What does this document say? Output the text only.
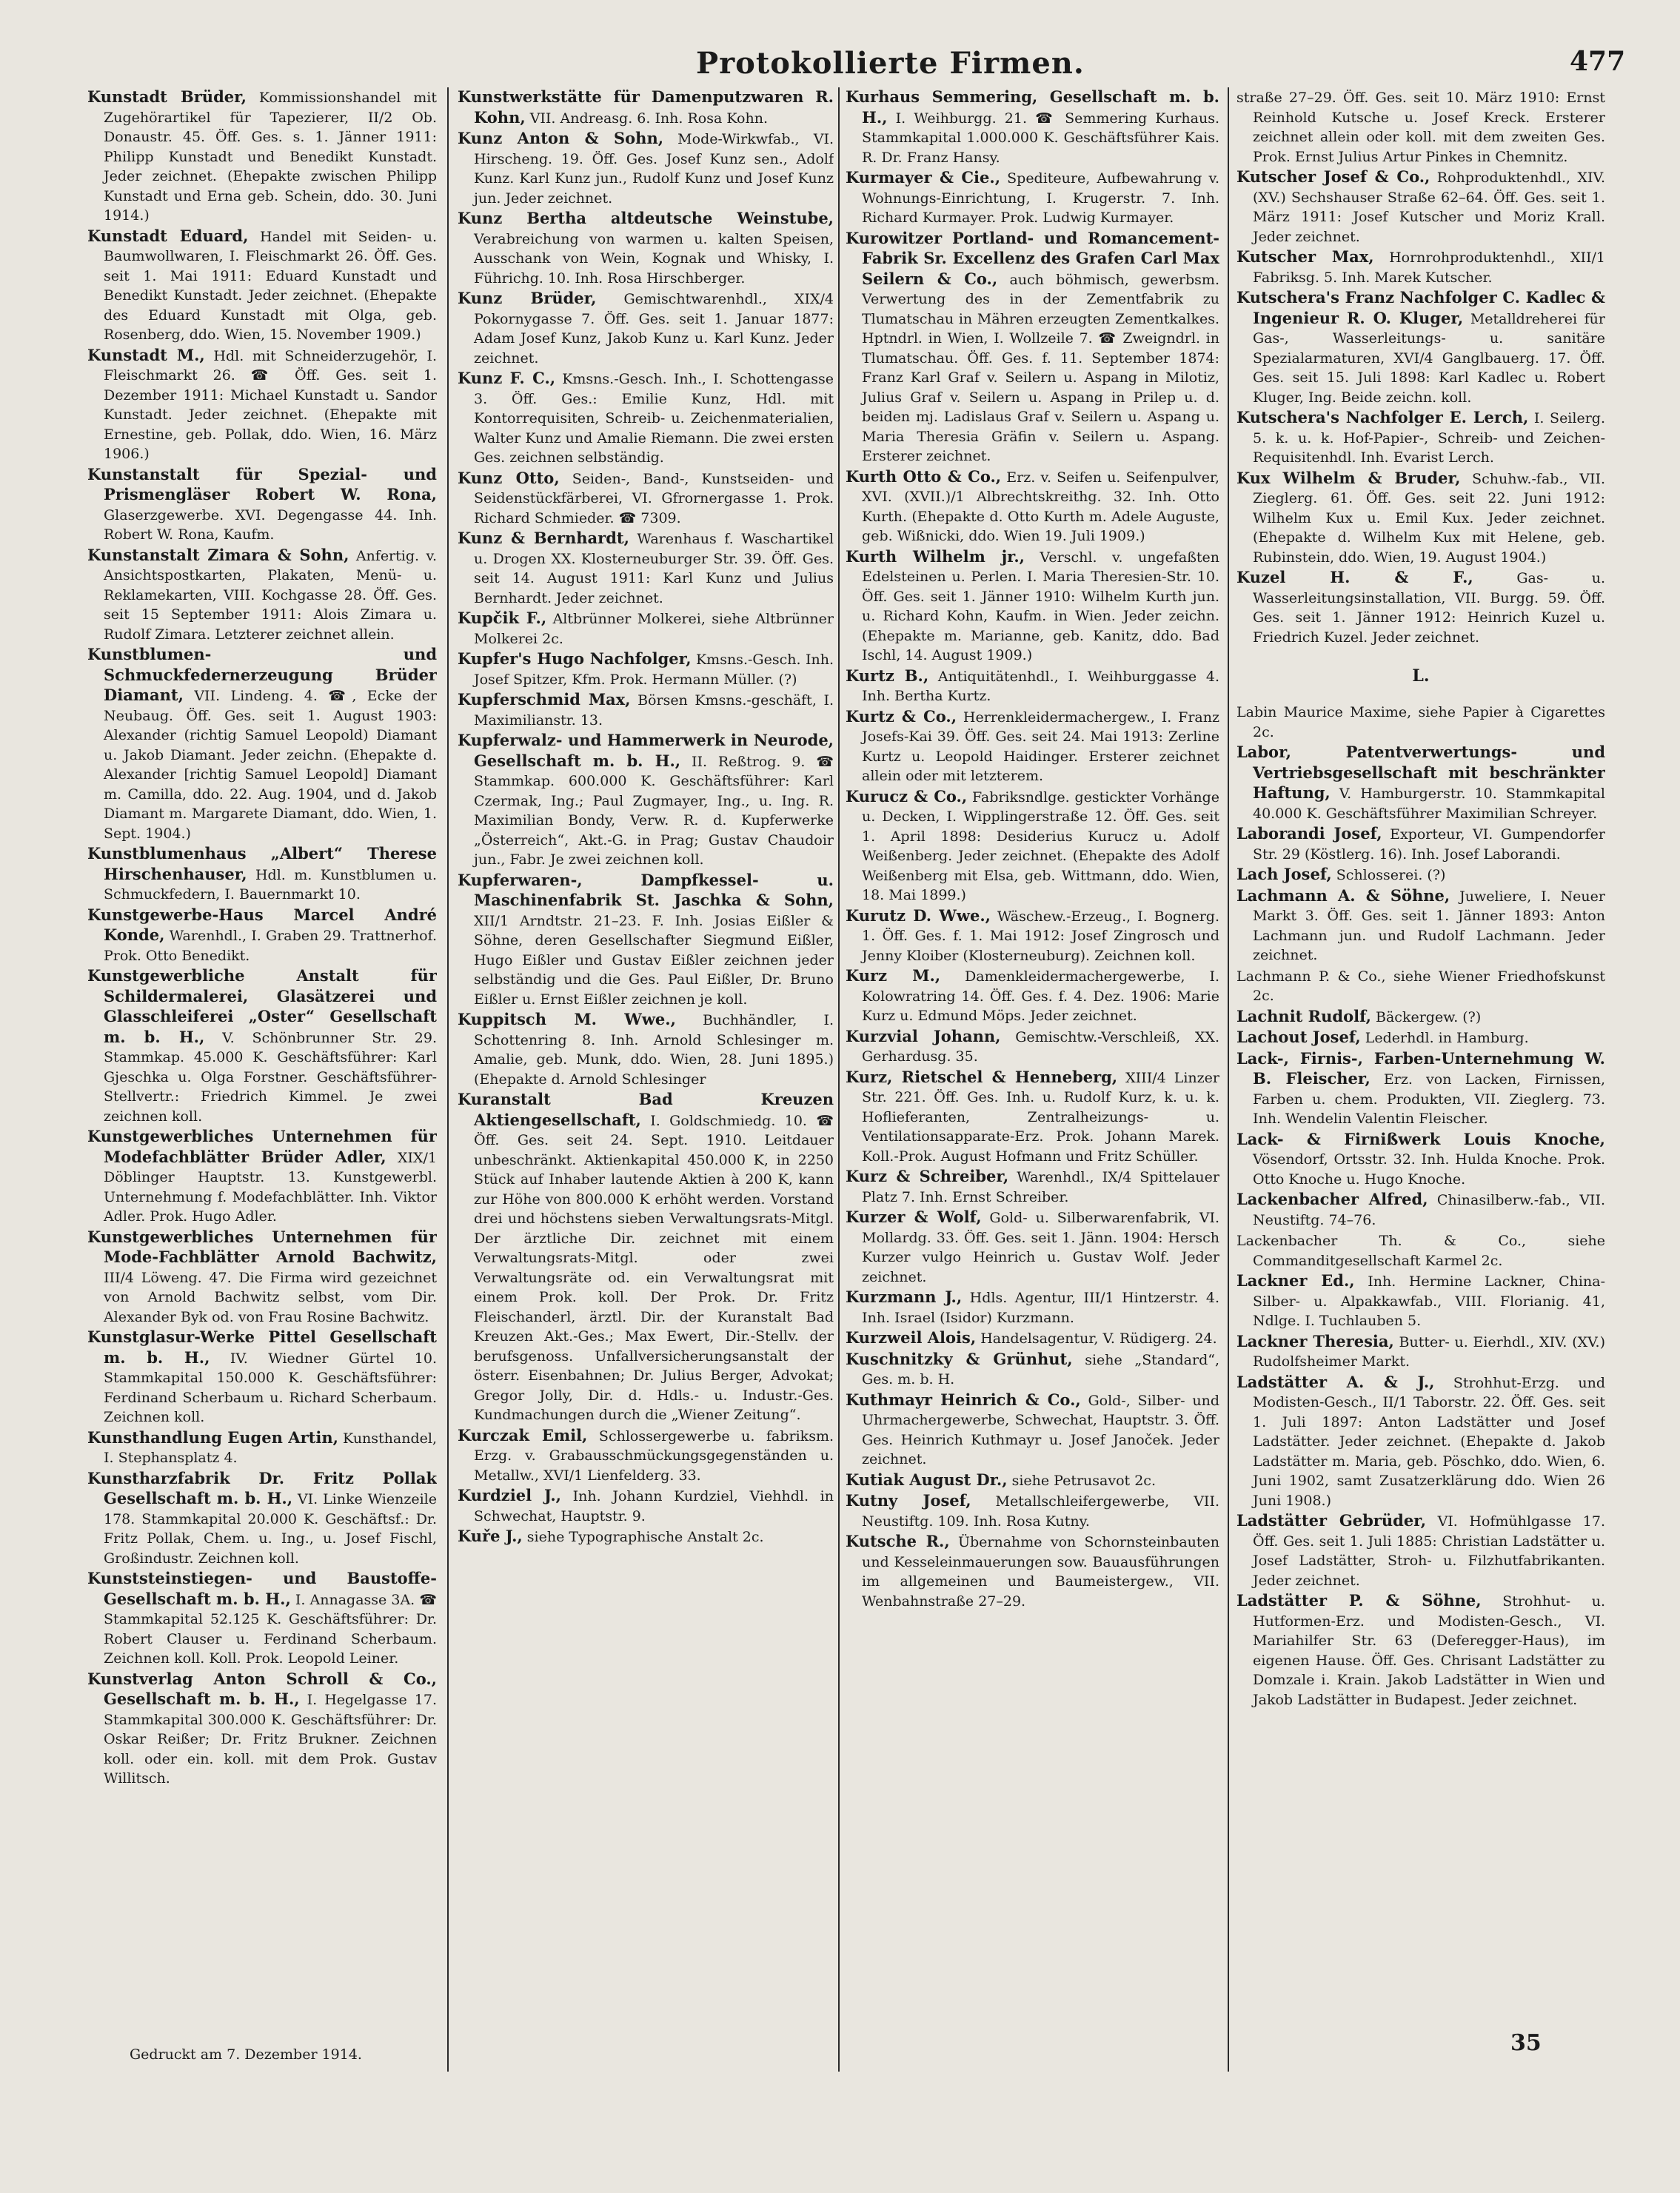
Protokollierte Firmen.	477
Kunstadt Brüder, Kommissionshandel mit Zugehörartikel für Tapezierer, II/2 Ob. Donaustr. 45. Öff. Ges. s. 1. Jänner 1911: Philipp Kunstadt und Benedikt Kunstadt. Jeder zeichnet. (Ehepakte zwischen Philipp Kunstadt und Erna geb. Schein, ddo. 30. Juni 1914.)
Kunstadt Eduard, Handel mit Seiden- u. Baumwollwaren, I. Fleischmarkt 26. Öff. Ges. seit 1. Mai 1911: Eduard Kunstadt und Benedikt Kunstadt. Jeder zeichnet. (Ehepakte des Eduard Kunstadt mit Olga, geb. Rosenberg, ddo. Wien, 15. November 1909.)
Kunstadt M., Hdl. mit Schneiderzugehör, I. Fleischmarkt 26. ☎ Öff. Ges. seit 1. Dezember 1911: Michael Kunstadt u. Sandor Kunstadt. Jeder zeichnet. (Ehepakte mit Ernestine, geb. Pollak, ddo. Wien, 16. März 1906.)
Kunstanstalt für Spezial- und Prismengläser Robert W. Rona, Glaserzgewerbe. XVI. Degengasse 44. Inh. Robert W. Rona, Kaufm.
Kunstanstalt Zimara & Sohn, Anfertig. v. Ansichtspostkarten, Plakaten, Menü- u. Reklamekarten, VIII. Kochgasse 28. Öff. Ges. seit 15 September 1911: Alois Zimara u. Rudolf Zimara. Letzterer zeichnet allein.
Kunstblumen- und Schmuckfedernerzeugung Brüder Diamant, VII. Lindeng. 4. ☎, Ecke der Neubaug. Öff. Ges. seit 1. August 1903: Alexander (richtig Samuel Leopold) Diamant u. Jakob Diamant. Jeder zeichn. (Ehepakte d. Alexander [richtig Samuel Leopold] Diamant m. Camilla, ddo. 22. Aug. 1904, und d. Jakob Diamant m. Margarete Diamant, ddo. Wien, 1. Sept. 1904.)
Kunstblumenhaus „Albert“ Therese Hirschenhauser, Hdl. m. Kunstblumen u. Schmuckfedern, I. Bauernmarkt 10.
Kunstgewerbe-Haus Marcel André Konde, Warenhdl., I. Graben 29. Trattnerhof. Prok. Otto Benedikt.
Kunstgewerbliche Anstalt für Schildermalerei, Glasätzerei und Glasschleiferei „Oster“ Gesellschaft m. b. H., V. Schönbrunner Str. 29. Stammkap. 45.000 K. Geschäftsführer: Karl Gjeschka u. Olga Forstner. Geschäftsführer-Stellvertr.: Friedrich Kimmel. Je zwei zeichnen koll.
Kunstgewerbliches Unternehmen für Modefachblätter Brüder Adler, XIX/1 Döblinger Hauptstr. 13. Kunstgewerbl. Unternehmung f. Modefachblätter. Inh. Viktor Adler. Prok. Hugo Adler.
Kunstgewerbliches Unternehmen für Mode-Fachblätter Arnold Bachwitz, III/4 Löweng. 47. Die Firma wird gezeichnet von Arnold Bachwitz selbst, vom Dir. Alexander Byk od. von Frau Rosine Bachwitz.
Kunstglasur-Werke Pittel Gesellschaft m. b. H., IV. Wiedner Gürtel 10. Stammkapital 150.000 K. Geschäftsführer: Ferdinand Scherbaum u. Richard Scherbaum. Zeichnen koll.
Kunsthandlung Eugen Artin, Kunsthandel, I. Stephansplatz 4.
Kunstharzfabrik Dr. Fritz Pollak Gesellschaft m. b. H., VI. Linke Wienzeile 178. Stammkapital 20.000 K. Geschäftsf.: Dr. Fritz Pollak, Chem. u. Ing., u. Josef Fischl, Großindustr. Zeichnen koll.
Kunststeinstiegen- und Baustoffe-Gesellschaft m. b. H., I. Annagasse 3A. ☎ Stammkapital 52.125 K. Geschäftsführer: Dr. Robert Clauser u. Ferdinand Scherbaum. Zeichnen koll. Koll. Prok. Leopold Leiner.
Kunstverlag Anton Schroll & Co., Gesellschaft m. b. H., I. Hegelgasse 17. Stammkapital 300.000 K. Geschäftsführer: Dr. Oskar Reißer; Dr. Fritz Brukner. Zeichnen koll. oder ein. koll. mit dem Prok. Gustav Willitsch.
Kunstwerkstätte für Damenputzwaren R. Kohn, VII. Andreasg. 6. Inh. Rosa Kohn.
Kunz Anton & Sohn, Mode-Wirkwfab., VI. Hirscheng. 19. Öff. Ges. Josef Kunz sen., Adolf Kunz. Karl Kunz jun., Rudolf Kunz und Josef Kunz jun. Jeder zeichnet.
Kunz Bertha altdeutsche Weinstube, Verabreichung von warmen u. kalten Speisen, Ausschank von Wein, Kognak und Whisky, I. Führichg. 10. Inh. Rosa Hirschberger.
Kunz Brüder, Gemischtwarenhdl., XIX/4 Pokornygasse 7. Öff. Ges. seit 1. Januar 1877: Adam Josef Kunz, Jakob Kunz u. Karl Kunz. Jeder zeichnet.
Kunz F. C., Kmsns.-Gesch. Inh., I. Schottengasse 3. Öff. Ges.: Emilie Kunz, Hdl. mit Kontorrequisiten, Schreib- u. Zeichenmaterialien, Walter Kunz und Amalie Riemann. Die zwei ersten Ges. zeichnen selbständig.
Kunz Otto, Seiden-, Band-, Kunstseiden- und Seidenstückfärberei, VI. Gfrornergasse 1. Prok. Richard Schmieder. ☎ 7309.
Kunz & Bernhardt, Warenhaus f. Waschartikel u. Drogen XX. Klosterneuburger Str. 39. Öff. Ges. seit 14. August 1911: Karl Kunz und Julius Bernhardt. Jeder zeichnet.
Kupčik F., Altbrünner Molkerei, siehe Altbrünner Molkerei 2c.
Kupfer's Hugo Nachfolger, Kmsns.-Gesch. Inh. Josef Spitzer, Kfm. Prok. Hermann Müller. (?)
Kupferschmid Max, Börsen Kmsns.-geschäft, I. Maximilianstr. 13.
Kupferwalz- und Hammerwerk in Neurode, Gesellschaft m. b. H., II. Reßtrog. 9. ☎ Stammkap. 600.000 K. Geschäftsführer: Karl Czermak, Ing.; Paul Zugmayer, Ing., u. Ing. R. Maximilian Bondy, Verw. R. d. Kupferwerke „Österreich“, Akt.-G. in Prag; Gustav Chaudoir jun., Fabr. Je zwei zeichnen koll.
Kupferwaren-, Dampfkessel- u. Maschinenfabrik St. Jaschka & Sohn, XII/1 Arndtstr. 21–23. F. Inh. Josias Eißler & Söhne, deren Gesellschafter Siegmund Eißler, Hugo Eißler und Gustav Eißler zeichnen jeder selbständig und die Ges. Paul Eißler, Dr. Bruno Eißler u. Ernst Eißler zeichnen je koll.
Kuppitsch M. Wwe., Buchhändler, I. Schottenring 8. Inh. Arnold Schlesinger m. Amalie, geb. Munk, ddo. Wien, 28. Juni 1895.) (Ehepakte d. Arnold Schlesinger
Kuranstalt Bad Kreuzen Aktiengesellschaft, I. Goldschmiedg. 10. ☎ Öff. Ges. seit 24. Sept. 1910. Leitdauer unbeschränkt. Aktienkapital 450.000 K, in 2250 Stück auf Inhaber lautende Aktien à 200 K, kann zur Höhe von 800.000 K erhöht werden. Vorstand drei und höchstens sieben Verwaltungsrats-Mitgl. Der ärztliche Dir. zeichnet mit einem Verwaltungsrats-Mitgl. oder zwei Verwaltungsräte od. ein Verwaltungsrat mit einem Prok. koll. Der Prok. Dr. Fritz Fleischanderl, ärztl. Dir. der Kuranstalt Bad Kreuzen Akt.-Ges.; Max Ewert, Dir.-Stellv. der berufsgenoss. Unfallversicherungsanstalt der österr. Eisenbahnen; Dr. Julius Berger, Advokat; Gregor Jolly, Dir. d. Hdls.- u. Industr.-Ges. Kundmachungen durch die „Wiener Zeitung“.
Kurczak Emil, Schlossergewerbe u. fabriksm. Erzg. v. Grabausschmückungsgegenständen u. Metallw., XVI/1 Lienfelderg. 33.
Kurdziel J., Inh. Johann Kurdziel, Viehhdl. in Schwechat, Hauptstr. 9.
Kuře J., siehe Typographische Anstalt 2c.
Kurhaus Semmering, Gesellschaft m. b. H., I. Weihburgg. 21. ☎ Semmering Kurhaus. Stammkapital 1.000.000 K. Geschäftsführer Kais. R. Dr. Franz Hansy.
Kurmayer & Cie., Spediteure, Aufbewahrung v. Wohnungs-Einrichtung, I. Krugerstr. 7. Inh. Richard Kurmayer. Prok. Ludwig Kurmayer.
Kurowitzer Portland- und Romancement-Fabrik Sr. Excellenz des Grafen Carl Max Seilern & Co., auch böhmisch, gewerbsm. Verwertung des in der Zementfabrik zu Tlumatschau in Mähren erzeugten Zementkalkes. Hptndrl. in Wien, I. Wollzeile 7. ☎ Zweigndrl. in Tlumatschau. Öff. Ges. f. 11. September 1874: Franz Karl Graf v. Seilern u. Aspang in Milotiz, Julius Graf v. Seilern u. Aspang in Prilep u. d. beiden mj. Ladislaus Graf v. Seilern u. Aspang u. Maria Theresia Gräfin v. Seilern u. Aspang. Ersterer zeichnet.
Kurth Otto & Co., Erz. v. Seifen u. Seifenpulver, XVI. (XVII.)/1 Albrechtskreithg. 32. Inh. Otto Kurth. (Ehepakte d. Otto Kurth m. Adele Auguste, geb. Wißnicki, ddo. Wien 19. Juli 1909.)
Kurth Wilhelm jr., Verschl. v. ungefaßten Edelsteinen u. Perlen. I. Maria Theresien-Str. 10. Öff. Ges. seit 1. Jänner 1910: Wilhelm Kurth jun. u. Richard Kohn, Kaufm. in Wien. Jeder zeichn. (Ehepakte m. Marianne, geb. Kanitz, ddo. Bad Ischl, 14. August 1909.)
Kurtz B., Antiquitätenhdl., I. Weihburggasse 4. Inh. Bertha Kurtz.
Kurtz & Co., Herrenkleidermachergew., I. Franz Josefs-Kai 39. Öff. Ges. seit 24. Mai 1913: Zerline Kurtz u. Leopold Haidinger. Ersterer zeichnet allein oder mit letzterem.
Kurucz & Co., Fabriksndlge. gestickter Vorhänge u. Decken, I. Wipplingerstraße 12. Öff. Ges. seit 1. April 1898: Desiderius Kurucz u. Adolf Weißenberg. Jeder zeichnet. (Ehepakte des Adolf Weißenberg mit Elsa, geb. Wittmann, ddo. Wien, 18. Mai 1899.)
Kurutz D. Wwe., Wäschew.-Erzeug., I. Bognerg. 1. Öff. Ges. f. 1. Mai 1912: Josef Zingrosch und Jenny Kloiber (Klosterneuburg). Zeichnen koll.
Kurz M., Damenkleidermachergewerbe, I. Kolowratring 14. Öff. Ges. f. 4. Dez. 1906: Marie Kurz u. Edmund Möps. Jeder zeichnet.
Kurzvial Johann, Gemischtw.-Verschleiß, XX. Gerhardusg. 35.
Kurz, Rietschel & Henneberg, XIII/4 Linzer Str. 221. Öff. Ges. Inh. u. Rudolf Kurz, k. u. k. Hoflieferanten, Zentralheizungs- u. Ventilationsapparate-Erz. Prok. Johann Marek. Koll.-Prok. August Hofmann und Fritz Schüller.
Kurz & Schreiber, Warenhdl., IX/4 Spittelauer Platz 7. Inh. Ernst Schreiber.
Kurzer & Wolf, Gold- u. Silberwarenfabrik, VI. Mollardg. 33. Öff. Ges. seit 1. Jänn. 1904: Hersch Kurzer vulgo Heinrich u. Gustav Wolf. Jeder zeichnet.
Kurzmann J., Hdls. Agentur, III/1 Hintzerstr. 4. Inh. Israel (Isidor) Kurzmann.
Kurzweil Alois, Handelsagentur, V. Rüdigerg. 24.
Kuschnitzky & Grünhut, siehe „Standard“, Ges. m. b. H.
Kuthmayr Heinrich & Co., Gold-, Silber- und Uhrmachergewerbe, Schwechat, Hauptstr. 3. Öff. Ges. Heinrich Kuthmayr u. Josef Janoček. Jeder zeichnet.
Kutiak August Dr., siehe Petrusavot 2c.
Kutny Josef, Metallschleifergewerbe, VII. Neustiftg. 109. Inh. Rosa Kutny.
Kutsche R., Übernahme von Schornsteinbauten und Kesseleinmauerungen sow. Bauausführungen im allgemeinen und Baumeistergew., VII. Wenbahnstraße 27–29.
straße 27–29. Öff. Ges. seit 10. März 1910: Ernst Reinhold Kutsche u. Josef Kreck. Ersterer zeichnet allein oder koll. mit dem zweiten Ges. Prok. Ernst Julius Artur Pinkes in Chemnitz.
Kutscher Josef & Co., Rohproduktenhdl., XIV. (XV.) Sechshauser Straße 62–64. Öff. Ges. seit 1. März 1911: Josef Kutscher und Moriz Krall. Jeder zeichnet.
Kutscher Max, Hornrohproduktenhdl., XII/1 Fabriksg. 5. Inh. Marek Kutscher.
Kutschera's Franz Nachfolger C. Kadlec & Ingenieur R. O. Kluger, Metalldreherei für Gas-, Wasserleitungs- u. sanitäre Spezialarmaturen, XVI/4 Ganglbauerg. 17. Öff. Ges. seit 15. Juli 1898: Karl Kadlec u. Robert Kluger, Ing. Beide zeichn. koll.
Kutschera's Nachfolger E. Lerch, I. Seilerg. 5. k. u. k. Hof-Papier-, Schreib- und Zeichen-Requisitenhdl. Inh. Evarist Lerch.
Kux Wilhelm & Bruder, Schuhw.-fab., VII. Zieglerg. 61. Öff. Ges. seit 22. Juni 1912: Wilhelm Kux u. Emil Kux. Jeder zeichnet. (Ehepakte d. Wilhelm Kux mit Helene, geb. Rubinstein, ddo. Wien, 19. August 1904.)
Kuzel H. & F., Gas- u. Wasserleitungsinstallation, VII. Burgg. 59. Öff. Ges. seit 1. Jänner 1912: Heinrich Kuzel u. Friedrich Kuzel. Jeder zeichnet.
L.
Labin Maurice Maxime, siehe Papier à Cigarettes 2c.
Labor, Patentverwertungs- und Vertriebsgesellschaft mit beschränkter Haftung, V. Hamburgerstr. 10. Stammkapital 40.000 K. Geschäftsführer Maximilian Schreyer.
Laborandi Josef, Exporteur, VI. Gumpendorfer Str. 29 (Köstlerg. 16). Inh. Josef Laborandi.
Lach Josef, Schlosserei. (?)
Lachmann A. & Söhne, Juweliere, I. Neuer Markt 3. Öff. Ges. seit 1. Jänner 1893: Anton Lachmann jun. und Rudolf Lachmann. Jeder zeichnet.
Lachmann P. & Co., siehe Wiener Friedhofskunst 2c.
Lachnit Rudolf, Bäckergew. (?)
Lachout Josef, Lederhdl. in Hamburg.
Lack-, Firnis-, Farben-Unternehmung W. B. Fleischer, Erz. von Lacken, Firnissen, Farben u. chem. Produkten, VII. Zieglerg. 73. Inh. Wendelin Valentin Fleischer.
Lack- & Firnißwerk Louis Knoche, Vösendorf, Ortsstr. 32. Inh. Hulda Knoche. Prok. Otto Knoche u. Hugo Knoche.
Lackenbacher Alfred, Chinasilberw.-fab., VII. Neustiftg. 74–76.
Lackenbacher Th. & Co., siehe Commanditgesellschaft Karmel 2c.
Lackner Ed., Inh. Hermine Lackner, China-Silber- u. Alpakkawfab., VIII. Florianig. 41, Ndlge. I. Tuchlauben 5.
Lackner Theresia, Butter- u. Eierhdl., XIV. (XV.) Rudolfsheimer Markt.
Ladstätter A. & J., Strohhut-Erzg. und Modisten-Gesch., II/1 Taborstr. 22. Öff. Ges. seit 1. Juli 1897: Anton Ladstätter und Josef Ladstätter. Jeder zeichnet. (Ehepakte d. Jakob Ladstätter m. Maria, geb. Pöschko, ddo. Wien, 6. Juni 1902, samt Zusatzerklärung ddo. Wien 26 Juni 1908.)
Ladstätter Gebrüder, VI. Hofmühlgasse 17. Öff. Ges. seit 1. Juli 1885: Christian Ladstätter u. Josef Ladstätter, Stroh- u. Filzhutfabrikanten. Jeder zeichnet.
Ladstätter P. & Söhne, Strohhut- u. Hutformen-Erz. und Modisten-Gesch., VI. Mariahilfer Str. 63 (Deferegger-Haus), im eigenen Hause. Öff. Ges. Chrisant Ladstätter zu Domzale i. Krain. Jakob Ladstätter in Wien und Jakob Ladstätter in Budapest. Jeder zeichnet.
Gedruckt am 7. Dezember 1914.	35
